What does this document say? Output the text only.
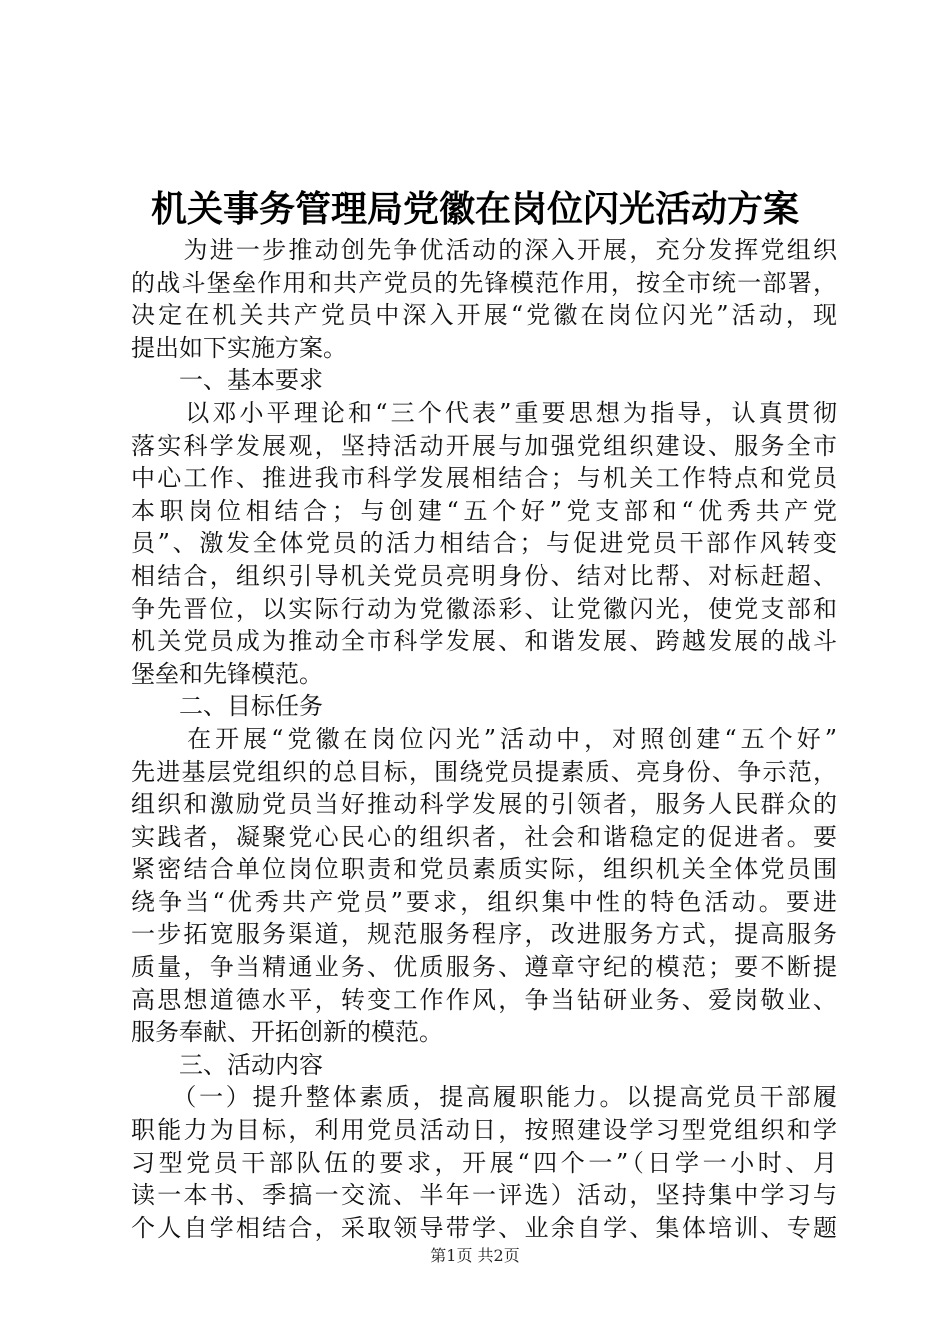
机关事务管理局党徽在岗位闪光活动方案
　　为进一步推动创先争优活动的深入开展，充分发挥党组织
的战斗堡垒作用和共产党员的先锋模范作用，按全市统一部署，
决定在机关共产党员中深入开展“党徽在岗位闪光”活动，现
提出如下实施方案。
　　一、基本要求
　　以邓小平理论和“三个代表”重要思想为指导，认真贯彻
落实科学发展观，坚持活动开展与加强党组织建设、服务全市
中心工作、推进我市科学发展相结合；与机关工作特点和党员
本职岗位相结合；与创建“五个好”党支部和“优秀共产党
员”、激发全体党员的活力相结合；与促进党员干部作风转变
相结合，组织引导机关党员亮明身份、结对比帮、对标赶超、
争先晋位，以实际行动为党徽添彩、让党徽闪光，使党支部和
机关党员成为推动全市科学发展、和谐发展、跨越发展的战斗
堡垒和先锋模范。
　　二、目标任务
　　在开展“党徽在岗位闪光”活动中，对照创建“五个好”
先进基层党组织的总目标，围绕党员提素质、亮身份、争示范，
组织和激励党员当好推动科学发展的引领者，服务人民群众的
实践者，凝聚党心民心的组织者，社会和谐稳定的促进者。要
紧密结合单位岗位职责和党员素质实际，组织机关全体党员围
绕争当“优秀共产党员”要求，组织集中性的特色活动。要进
一步拓宽服务渠道，规范服务程序，改进服务方式，提高服务
质量，争当精通业务、优质服务、遵章守纪的模范；要不断提
高思想道德水平，转变工作作风，争当钻研业务、爱岗敬业、
服务奉献、开拓创新的模范。
　　三、活动内容
　　（一）提升整体素质，提高履职能力。以提高党员干部履
职能力为目标，利用党员活动日，按照建设学习型党组织和学
习型党员干部队伍的要求，开展“四个一”（日学一小时、月
读一本书、季搞一交流、半年一评选）活动，坚持集中学习与
个人自学相结合，采取领导带学、业余自学、集体培训、专题
第1页 共2页
